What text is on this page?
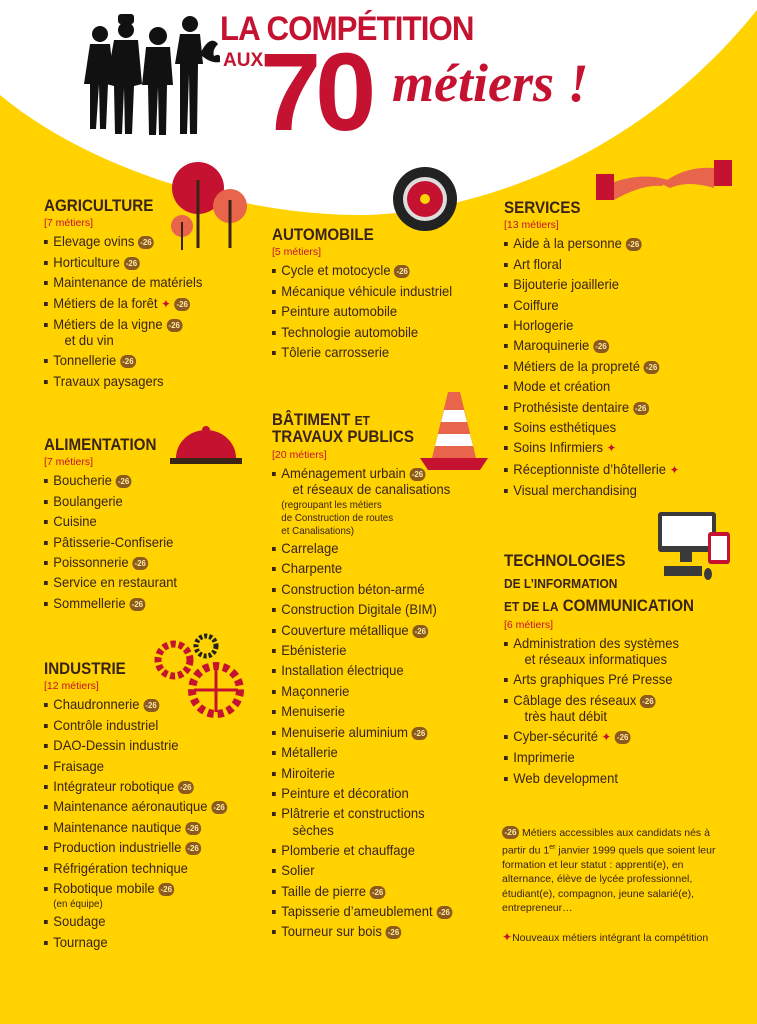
LA COMPÉTITION
AUX
70 métiers !
AGRICULTURE
[7 métiers]
Elevage ovins -26
Horticulture -26
Maintenance de matériels
Métiers de la forêt ✦ -26
Métiers de la vigne -26
et du vin
Tonnellerie -26
Travaux paysagers
ALIMENTATION
[7 métiers]
Boucherie -26
Boulangerie
Cuisine
Pâtisserie-Confiserie
Poissonnerie -26
Service en restaurant
Sommellerie -26
INDUSTRIE
[12 métiers]
Chaudronnerie -26
Contrôle industriel
DAO-Dessin industrie
Fraisage
Intégrateur robotique -26
Maintenance aéronautique -26
Maintenance nautique -26
Production industrielle -26
Réfrigération technique
Robotique mobile -26
(en équipe)
Soudage
Tournage
AUTOMOBILE
[5 métiers]
Cycle et motocycle -26
Mécanique véhicule industriel
Peinture automobile
Technologie automobile
Tôlerie carrosserie
BÂTIMENT ET
TRAVAUX PUBLICS
[20 métiers]
Aménagement urbain -26
et réseaux de canalisations
(regroupant les métiers
de Construction de routes
et Canalisations)
Carrelage
Charpente
Construction béton-armé
Construction Digitale (BIM)
Couverture métallique -26
Ebénisterie
Installation électrique
Maçonnerie
Menuiserie
Menuiserie aluminium -26
Métallerie
Miroiterie
Peinture et décoration
Plâtrerie et constructions
sèches
Plomberie et chauffage
Solier
Taille de pierre -26
Tapisserie d’ameublement -26
Tourneur sur bois -26
SERVICES
[13 métiers]
Aide à la personne -26
Art floral
Bijouterie joaillerie
Coiffure
Horlogerie
Maroquinerie -26
Métiers de la propreté -26
Mode et création
Prothésiste dentaire -26
Soins esthétiques
Soins Infirmiers ✦
Réceptionniste d’hôtellerie ✦
Visual merchandising
TECHNOLOGIES
DE L’INFORMATION
ET DE LA COMMUNICATION
[6 métiers]
Administration des systèmes
et réseaux informatiques
Arts graphiques Pré Presse
Câblage des réseaux -26
très haut débit
Cyber-sécurité ✦ -26
Imprimerie
Web development

-26 Métiers accessibles aux candidats nés à partir du 1er janvier 1999 quels que soient leur formation et leur statut : apprenti(e), en alternance, élève de lycée professionnel, étudiant(e), compagnon, jeune salarié(e), entrepreneur…

✦Nouveaux métiers intégrant la compétition
